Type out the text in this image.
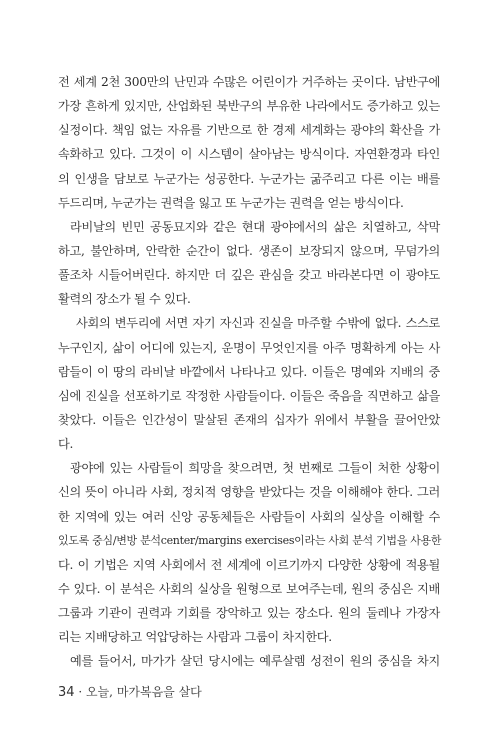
전 세계 2천 300만의 난민과 수많은 어린이가 거주하는 곳이다. 남반구에
가장 흔하게 있지만, 산업화된 북반구의 부유한 나라에서도 증가하고 있는
실정이다. 책임 없는 자유를 기반으로 한 경제 세계화는 광야의 확산을 가
속화하고 있다. 그것이 이 시스템이 살아남는 방식이다. 자연환경과 타인
의 인생을 담보로 누군가는 성공한다. 누군가는 굶주리고 다른 이는 배를
두드리며, 누군가는 권력을 잃고 또 누군가는 권력을 얻는 방식이다.
라비날의 빈민 공동묘지와 같은 현대 광야에서의 삶은 치열하고, 삭막
하고, 불안하며, 안락한 순간이 없다. 생존이 보장되지 않으며, 무덤가의
풀조차 시들어버린다. 하지만 더 깊은 관심을 갖고 바라본다면 이 광야도
활력의 장소가 될 수 있다.
사회의 변두리에 서면 자기 자신과 진실을 마주할 수밖에 없다. 스스로
누구인지, 삶이 어디에 있는지, 운명이 무엇인지를 아주 명확하게 아는 사
람들이 이 땅의 라비날 바깥에서 나타나고 있다. 이들은 명예와 지배의 중
심에 진실을 선포하기로 작정한 사람들이다. 이들은 죽음을 직면하고 삶을
찾았다. 이들은 인간성이 말살된 존재의 십자가 위에서 부활을 끌어안았
다.
광야에 있는 사람들이 희망을 찾으려면, 첫 번째로 그들이 처한 상황이
신의 뜻이 아니라 사회, 정치적 영향을 받았다는 것을 이해해야 한다. 그러
한 지역에 있는 여러 신앙 공동체들은 사람들이 사회의 실상을 이해할 수
있도록 중심/변방 분석center/margins exercises이라는 사회 분석 기법을 사용한
다. 이 기법은 지역 사회에서 전 세계에 이르기까지 다양한 상황에 적용될
수 있다. 이 분석은 사회의 실상을 원형으로 보여주는데, 원의 중심은 지배
그룹과 기관이 권력과 기회를 장악하고 있는 장소다. 원의 둘레나 가장자
리는 지배당하고 억압당하는 사람과 그룹이 차지한다.
예를 들어서, 마가가 살던 당시에는 예루살렘 성전이 원의 중심을 차지
34 · 오늘, 마가복음을 살다
